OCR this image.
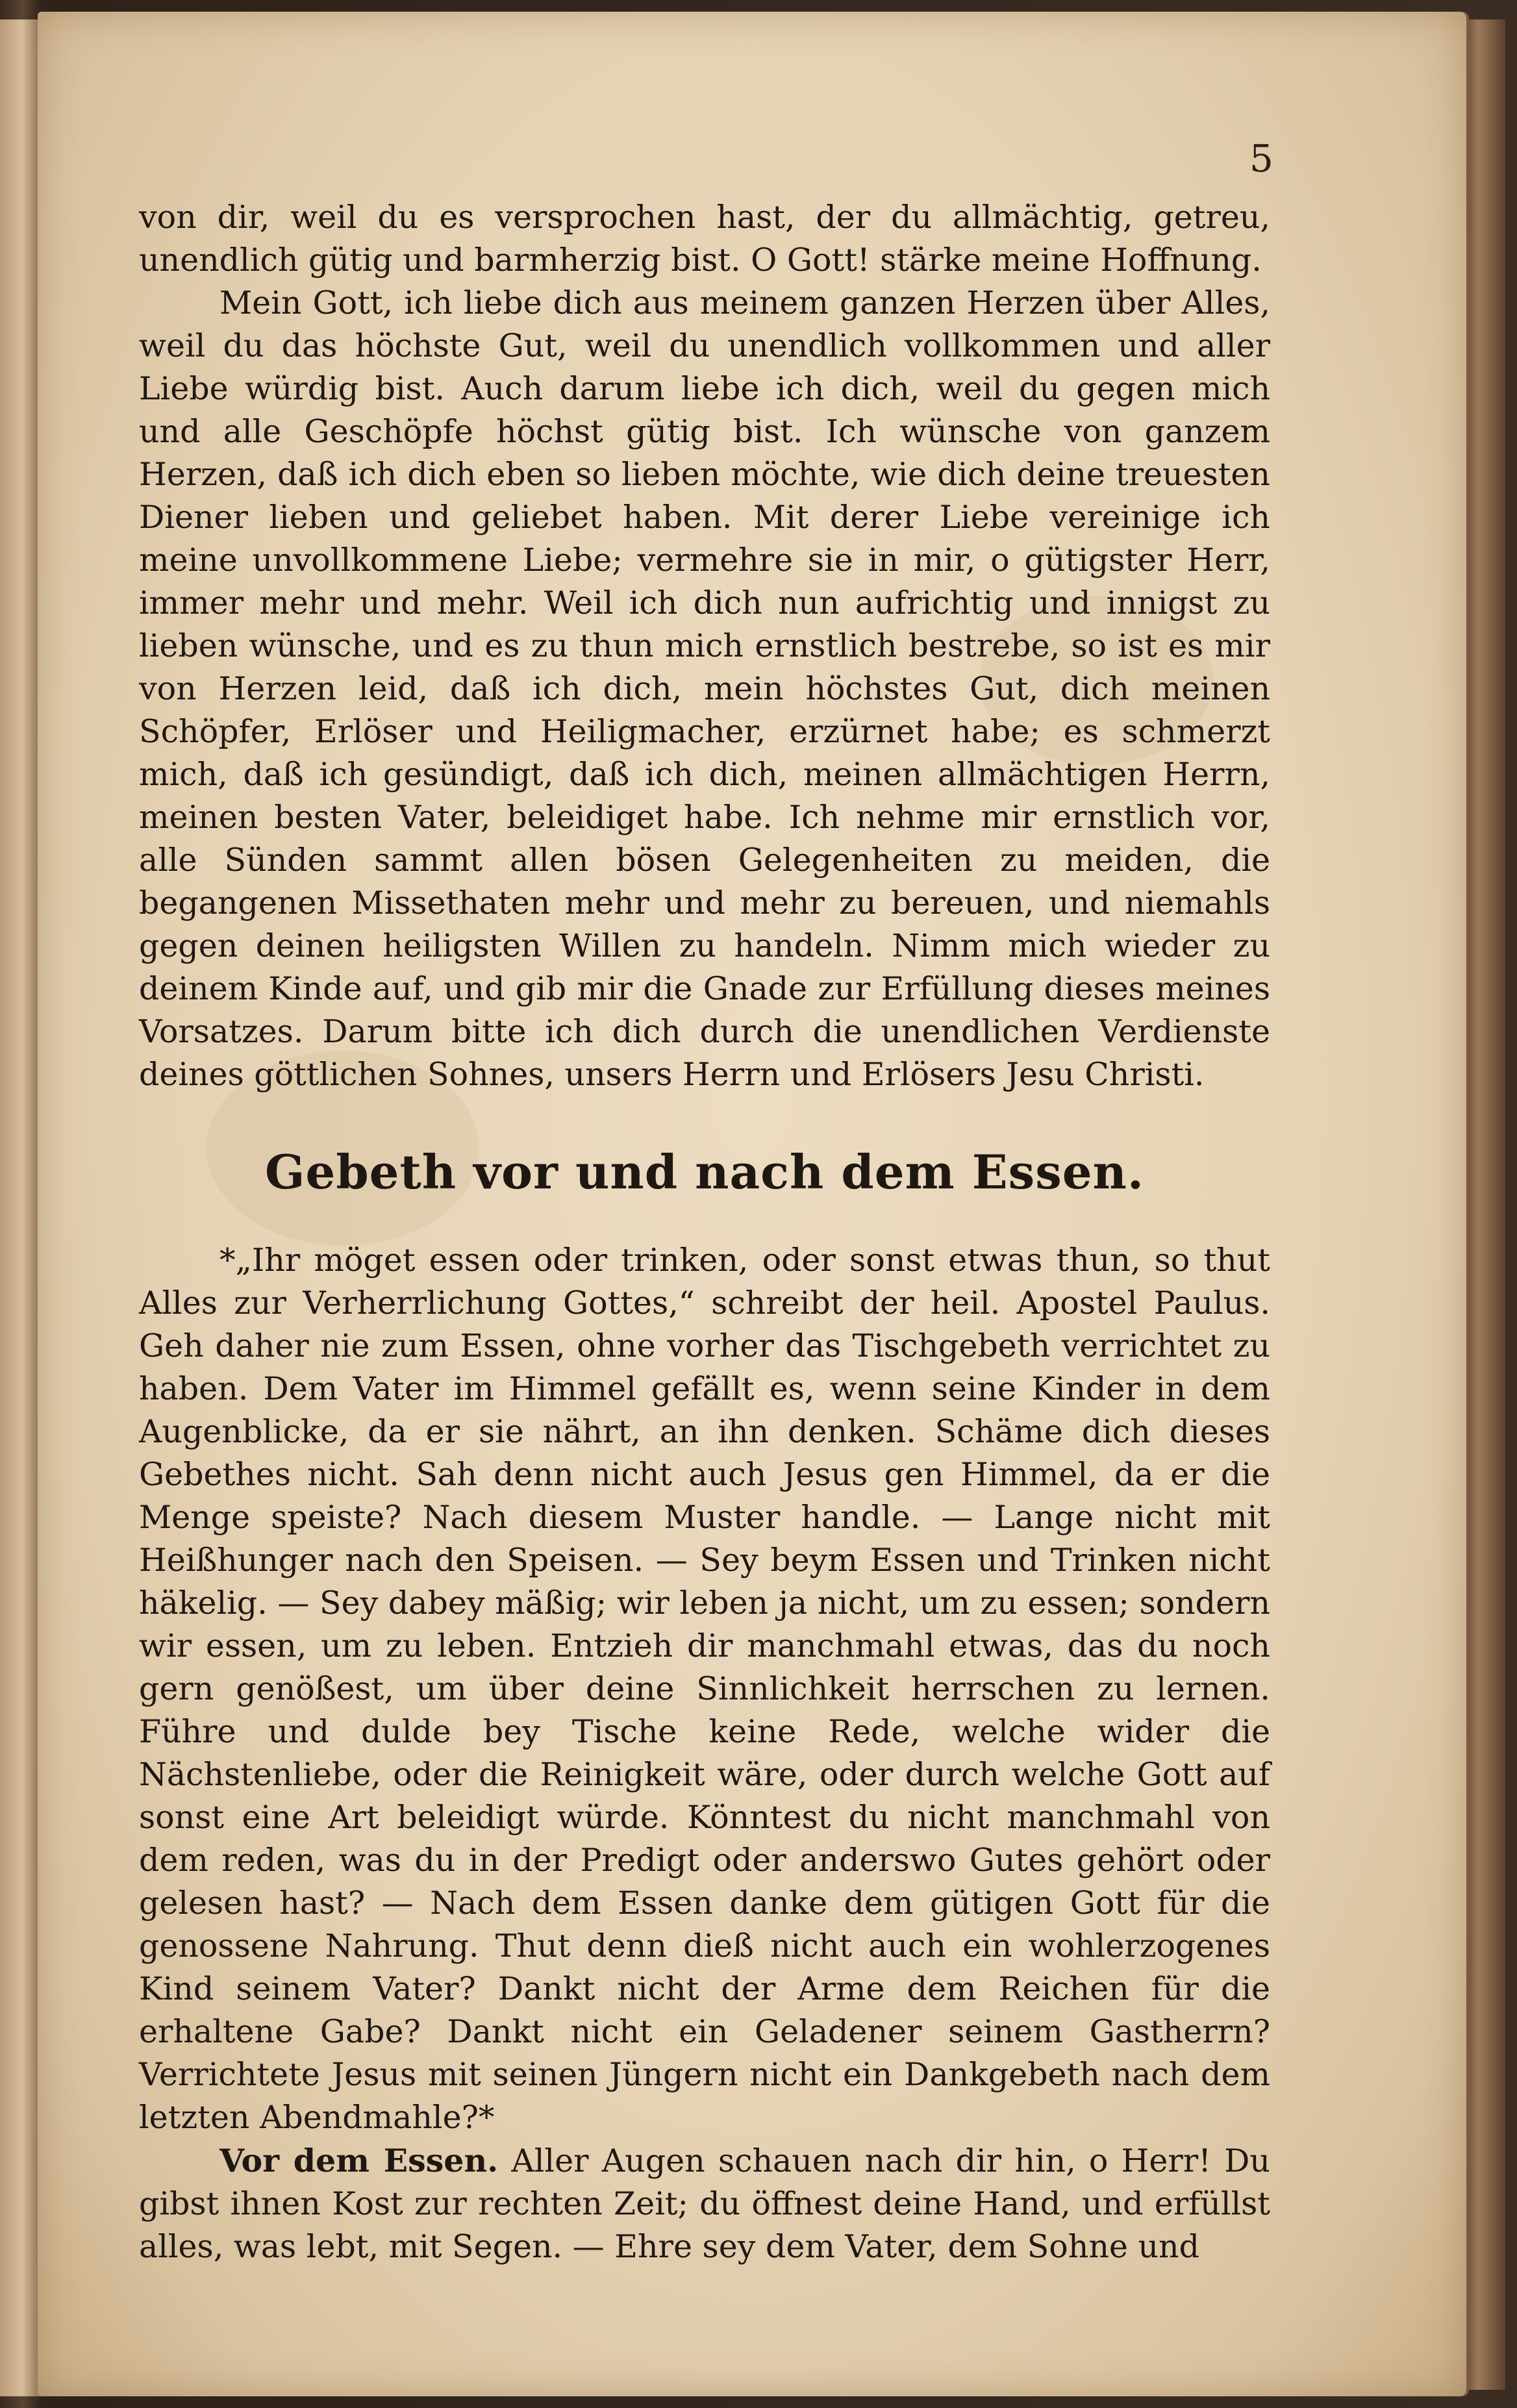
5

von dir, weil du es versprochen hast, der du allmächtig, getreu, unendlich gütig und barmherzig bist. O Gott! stärke meine Hoffnung.

Mein Gott, ich liebe dich aus meinem ganzen Herzen über Alles, weil du das höchste Gut, weil du unendlich vollkommen und aller Liebe würdig bist. Auch darum liebe ich dich, weil du gegen mich und alle Geschöpfe höchst gütig bist. Ich wünsche von ganzem Herzen, daß ich dich eben so lieben möchte, wie dich deine treuesten Diener lieben und geliebet haben. Mit derer Liebe vereinige ich meine unvollkommene Liebe; vermehre sie in mir, o gütigster Herr, immer mehr und mehr. Weil ich dich nun aufrichtig und innigst zu lieben wünsche, und es zu thun mich ernstlich bestrebe, so ist es mir von Herzen leid, daß ich dich, mein höchstes Gut, dich meinen Schöpfer, Erlöser und Heiligmacher, erzürnet habe; es schmerzt mich, daß ich gesündigt, daß ich dich, meinen allmächtigen Herrn, meinen besten Vater, beleidiget habe. Ich nehme mir ernstlich vor, alle Sünden sammt allen bösen Gelegenheiten zu meiden, die begangenen Missethaten mehr und mehr zu bereuen, und niemahls gegen deinen heiligsten Willen zu handeln. Nimm mich wieder zu deinem Kinde auf, und gib mir die Gnade zur Erfüllung dieses meines Vorsatzes. Darum bitte ich dich durch die unendlichen Verdienste deines göttlichen Sohnes, unsers Herrn und Erlösers Jesu Christi.

Gebeth vor und nach dem Essen.

*„Ihr möget essen oder trinken, oder sonst etwas thun, so thut Alles zur Verherrlichung Gottes,“ schreibt der heil. Apostel Paulus. Geh daher nie zum Essen, ohne vorher das Tischgebeth verrichtet zu haben. Dem Vater im Himmel gefällt es, wenn seine Kinder in dem Augenblicke, da er sie nährt, an ihn denken. Schäme dich dieses Gebethes nicht. Sah denn nicht auch Jesus gen Himmel, da er die Menge speiste? Nach diesem Muster handle. — Lange nicht mit Heißhunger nach den Speisen. — Sey beym Essen und Trinken nicht häkelig. — Sey dabey mäßig; wir leben ja nicht, um zu essen; sondern wir essen, um zu leben. Entzieh dir manchmahl etwas, das du noch gern genößest, um über deine Sinnlichkeit herrschen zu lernen. Führe und dulde bey Tische keine Rede, welche wider die Nächstenliebe, oder die Reinigkeit wäre, oder durch welche Gott auf sonst eine Art beleidigt würde. Könntest du nicht manchmahl von dem reden, was du in der Predigt oder anderswo Gutes gehört oder gelesen hast? — Nach dem Essen danke dem gütigen Gott für die genossene Nahrung. Thut denn dieß nicht auch ein wohlerzogenes Kind seinem Vater? Dankt nicht der Arme dem Reichen für die erhaltene Gabe? Dankt nicht ein Geladener seinem Gastherrn? Verrichtete Jesus mit seinen Jüngern nicht ein Dankgebeth nach dem letzten Abendmahle?*

Vor dem Essen. Aller Augen schauen nach dir hin, o Herr! Du gibst ihnen Kost zur rechten Zeit; du öffnest deine Hand, und erfüllst alles, was lebt, mit Segen. — Ehre sey dem Vater, dem Sohne und
